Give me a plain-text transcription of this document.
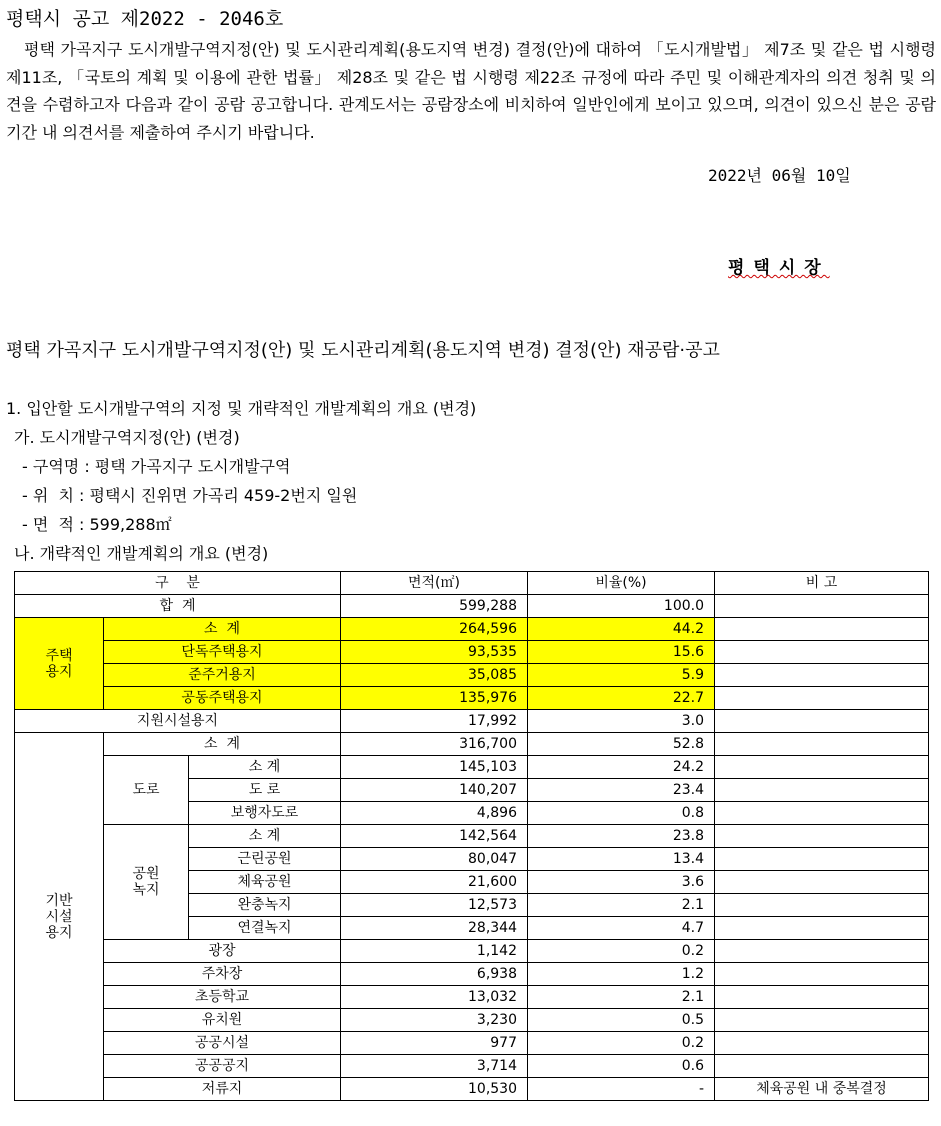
평택시 공고 제2022 - 2046호
평택 가곡지구 도시개발구역지정(안) 및 도시관리계획(용도지역 변경) 결정(안)에 대하여 「도시개발법」 제7조 및 같은 법 시행령 제11조, 「국토의 계획 및 이용에 관한 법률」 제28조 및 같은 법 시행령 제22조 규정에 따라 주민 및 이해관계자의 의견 청취 및 의견을 수렴하고자 다음과 같이 공람 공고합니다. 관계도서는 공람장소에 비치하여 일반인에게 보이고 있으며, 의견이 있으신 분은 공람기간 내 의견서를 제출하여 주시기 바랍니다.
2022년 06월 10일
평택시장
평택 가곡지구 도시개발구역지정(안) 및 도시관리계획(용도지역 변경) 결정(안) 재공람·공고
1. 입안할 도시개발구역의 지정 및 개략적인 개발계획의 개요 (변경)
가. 도시개발구역지정(안) (변경)
- 구역명 : 평택 가곡지구 도시개발구역
- 위  치 : 평택시 진위면 가곡리 459-2번지 일원
- 면  적 : 599,288㎡
나. 개략적인 개발계획의 개요 (변경)
구    분			면적(㎡)	비율(%)	비 고
합  계			599,288	100.0	
주택
용지	소  계		264,596	44.2	
	단독주택용지		93,535	15.6	
	준주거용지		35,085	5.9	
	공동주택용지		135,976	22.7	
지원시설용지			17,992	3.0	
기반
시설
용지	소  계		316,700	52.8	
	도로	소 계	145,103	24.2	
		도 로	140,207	23.4	
		보행자도로	4,896	0.8	
	공원
녹지	소 계	142,564	23.8	
		근린공원	80,047	13.4	
		체육공원	21,600	3.6	
		완충녹지	12,573	2.1	
		연결녹지	28,344	4.7	
	광장		1,142	0.2	
	주차장		6,938	1.2	
	초등학교		13,032	2.1	
	유치원		3,230	0.5	
	공공시설		977	0.2	
	공공공지		3,714	0.6	
	저류지		10,530	-	체육공원 내 중복결정
